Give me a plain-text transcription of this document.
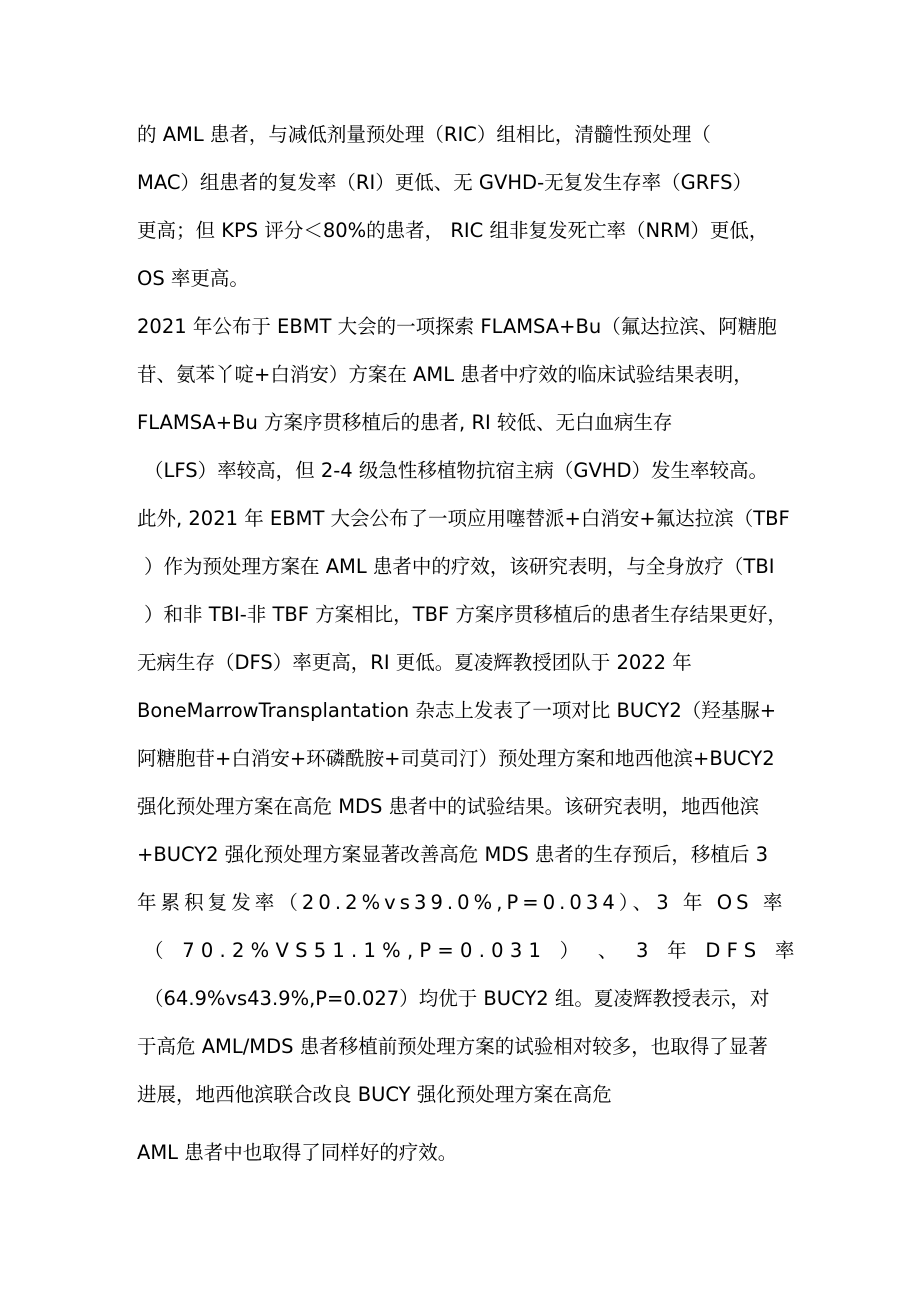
的 AML 患者，与减低剂量预处理（RIC）组相比，清髓性预处理（

MAC）组患者的复发率（RI）更低、无 GVHD-无复发生存率（GRFS）

更高；但 KPS 评分＜80%的患者， RIC 组非复发死亡率（NRM）更低，

OS 率更高。

2021 年公布于 EBMT 大会的一项探索 FLAMSA+Bu（氟达拉滨、阿糖胞

苷、氨苯丫啶+白消安）方案在 AML 患者中疗效的临床试验结果表明，

FLAMSA+Bu 方案序贯移植后的患者, RI 较低、无白血病生存

（LFS）率较高，但 2-4 级急性移植物抗宿主病（GVHD）发生率较高。

此外, 2021 年 EBMT 大会公布了一项应用噻替派+白消安+氟达拉滨（TBF

）作为预处理方案在 AML 患者中的疗效，该研究表明，与全身放疗（TBI

）和非 TBI-非 TBF 方案相比，TBF 方案序贯移植后的患者生存结果更好，

无病生存（DFS）率更高，RI 更低。夏凌辉教授团队于 2022 年

BoneMarrowTransplantation 杂志上发表了一项对比 BUCY2（羟基脲+

阿糖胞苷+白消安+环磷酰胺+司莫司汀）预处理方案和地西他滨+BUCY2

强化预处理方案在高危 MDS 患者中的试验结果。该研究表明，地西他滨

+BUCY2 强化预处理方案显著改善高危 MDS 患者的生存预后，移植后 3

年累积复发率（20.2%vs39.0%,P=0.034）、3 年 OS 率

（ 70.2%VS51.1%,P=0.031 ） 、 3 年 DFS 率

（64.9%vs43.9%,P=0.027）均优于 BUCY2 组。夏凌辉教授表示，对

于高危 AML/MDS 患者移植前预处理方案的试验相对较多，也取得了显著

进展，地西他滨联合改良 BUCY 强化预处理方案在高危

AML 患者中也取得了同样好的疗效。
